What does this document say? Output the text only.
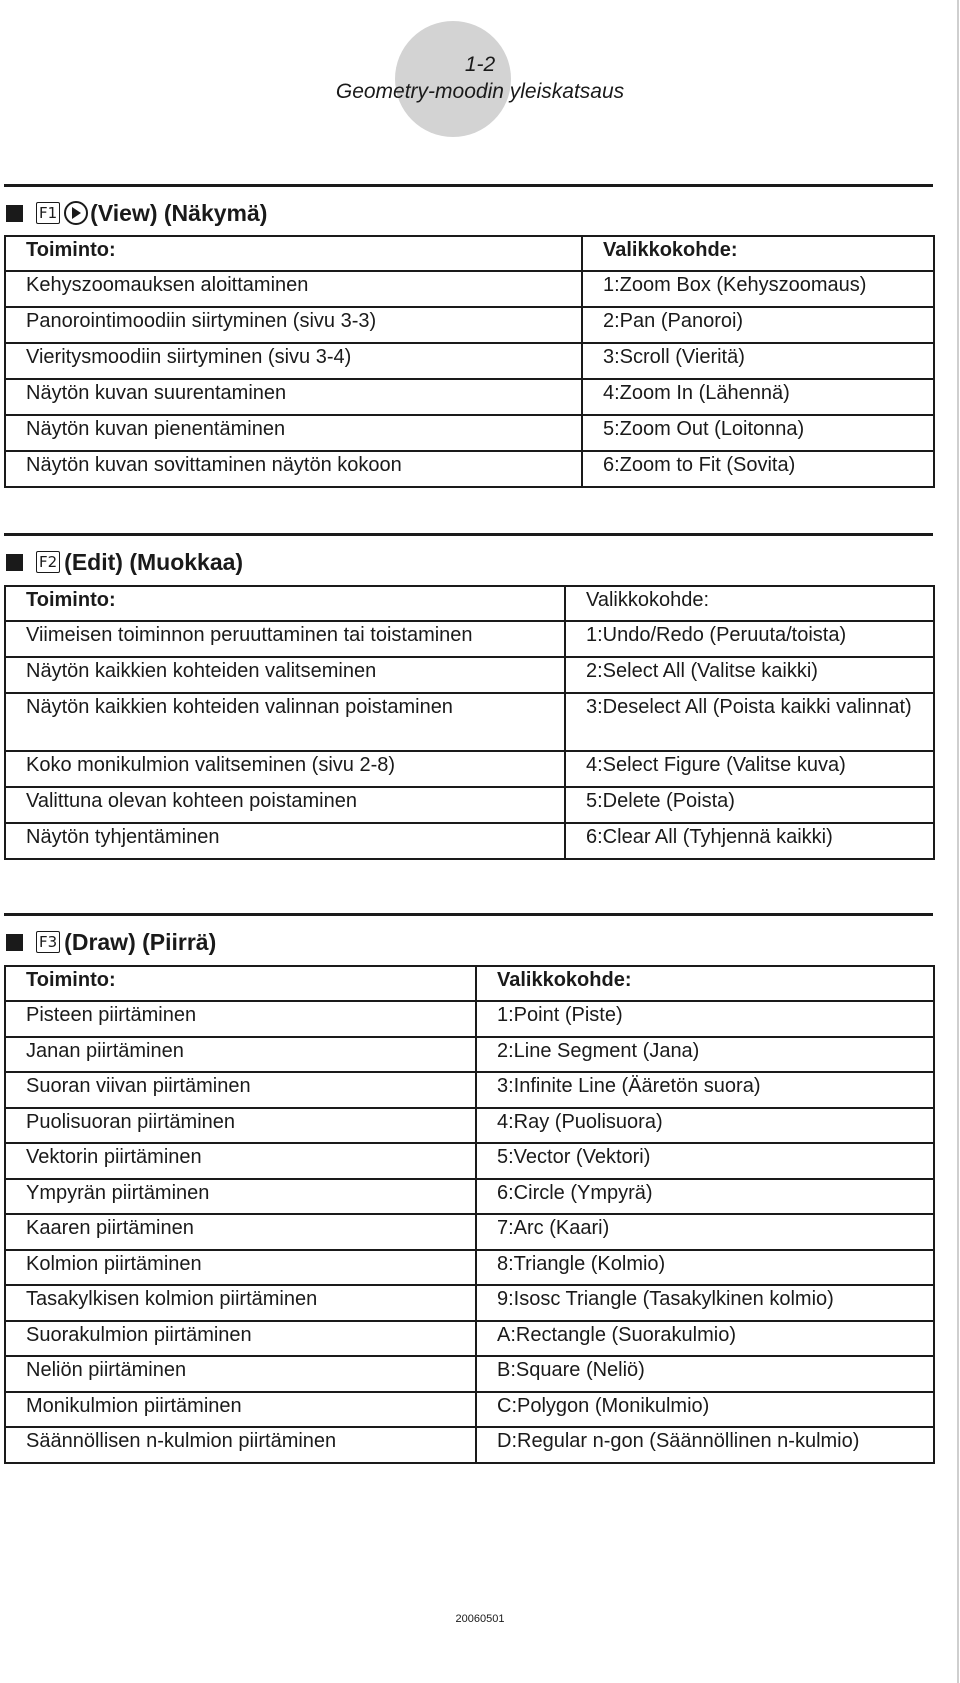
1-2
Geometry-moodin yleiskatsaus
F1 (View) (Näkymä)
Toiminto:	Valikkokohde:
Kehyszoomauksen aloittaminen	1:Zoom Box (Kehyszoomaus)
Panorointimoodiin siirtyminen (sivu 3-3)	2:Pan (Panoroi)
Vieritysmoodiin siirtyminen (sivu 3-4)	3:Scroll (Vieritä)
Näytön kuvan suurentaminen	4:Zoom In (Lähennä)
Näytön kuvan pienentäminen	5:Zoom Out (Loitonna)
Näytön kuvan sovittaminen näytön kokoon	6:Zoom to Fit (Sovita)
F2 (Edit) (Muokkaa)
Toiminto:	Valikkokohde:
Viimeisen toiminnon peruuttaminen tai toistaminen	1:Undo/Redo (Peruuta/toista)
Näytön kaikkien kohteiden valitseminen	2:Select All (Valitse kaikki)
Näytön kaikkien kohteiden valinnan poistaminen	3:Deselect All (Poista kaikki valinnat)
Koko monikulmion valitseminen (sivu 2-8)	4:Select Figure (Valitse kuva)
Valittuna olevan kohteen poistaminen	5:Delete (Poista)
Näytön tyhjentäminen	6:Clear All (Tyhjennä kaikki)
F3 (Draw) (Piirrä)
Toiminto:	Valikkokohde:
Pisteen piirtäminen	1:Point (Piste)
Janan piirtäminen	2:Line Segment (Jana)
Suoran viivan piirtäminen	3:Infinite Line (Ääretön suora)
Puolisuoran piirtäminen	4:Ray (Puolisuora)
Vektorin piirtäminen	5:Vector (Vektori)
Ympyrän piirtäminen	6:Circle (Ympyrä)
Kaaren piirtäminen	7:Arc (Kaari)
Kolmion piirtäminen	8:Triangle (Kolmio)
Tasakylkisen kolmion piirtäminen	9:Isosc Triangle (Tasakylkinen kolmio)
Suorakulmion piirtäminen	A:Rectangle (Suorakulmio)
Neliön piirtäminen	B:Square (Neliö)
Monikulmion piirtäminen	C:Polygon (Monikulmio)
Säännöllisen n-kulmion piirtäminen	D:Regular n-gon (Säännöllinen n-kulmio)
20060501
